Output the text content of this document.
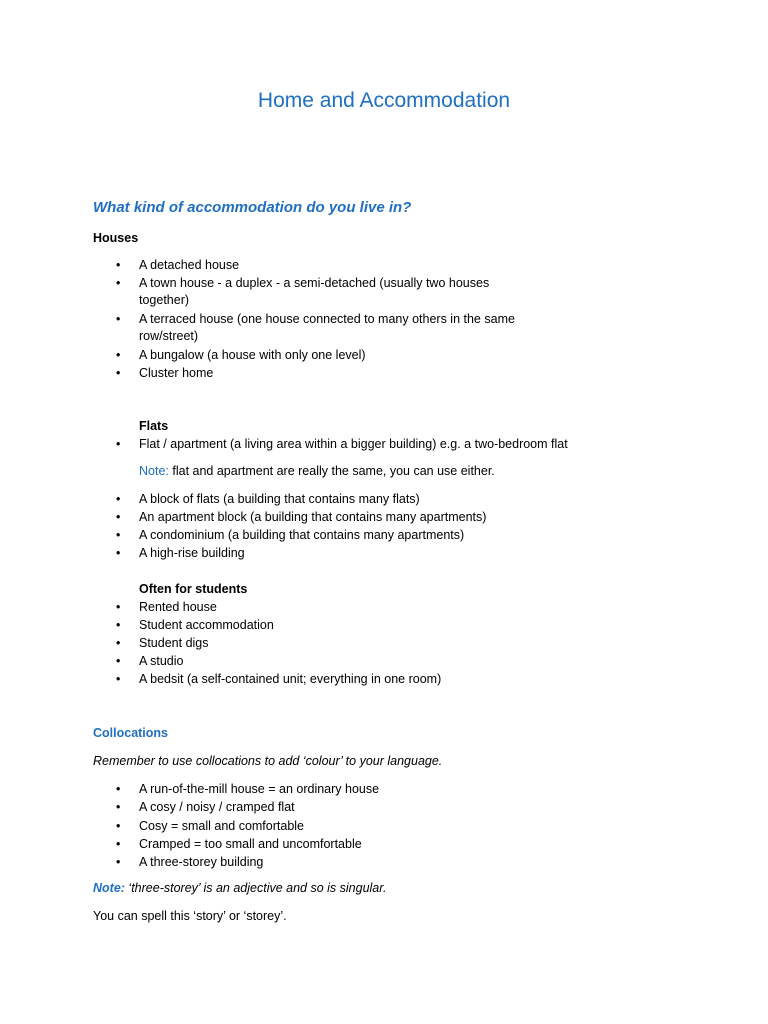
Home and Accommodation
What kind of accommodation do you live in?
Houses
• A detached house
• A town house - a duplex - a semi-detached (usually two houses
together)
• A terraced house (one house connected to many others in the same
row/street)
• A bungalow (a house with only one level)
• Cluster home
Flats
• Flat / apartment (a living area within a bigger building) e.g. a two-bedroom flat
Note: flat and apartment are really the same, you can use either.
• A block of flats (a building that contains many flats)
• An apartment block (a building that contains many apartments)
• A condominium (a building that contains many apartments)
• A high-rise building
Often for students
• Rented house
• Student accommodation
• Student digs
• A studio
• A bedsit (a self-contained unit; everything in one room)
Collocations
Remember to use collocations to add ‘colour’ to your language.
• A run-of-the-mill house = an ordinary house
• A cosy / noisy / cramped flat
• Cosy = small and comfortable
• Cramped = too small and uncomfortable
• A three-storey building
Note: ‘three-storey’ is an adjective and so is singular.
You can spell this ‘story’ or ‘storey’.
